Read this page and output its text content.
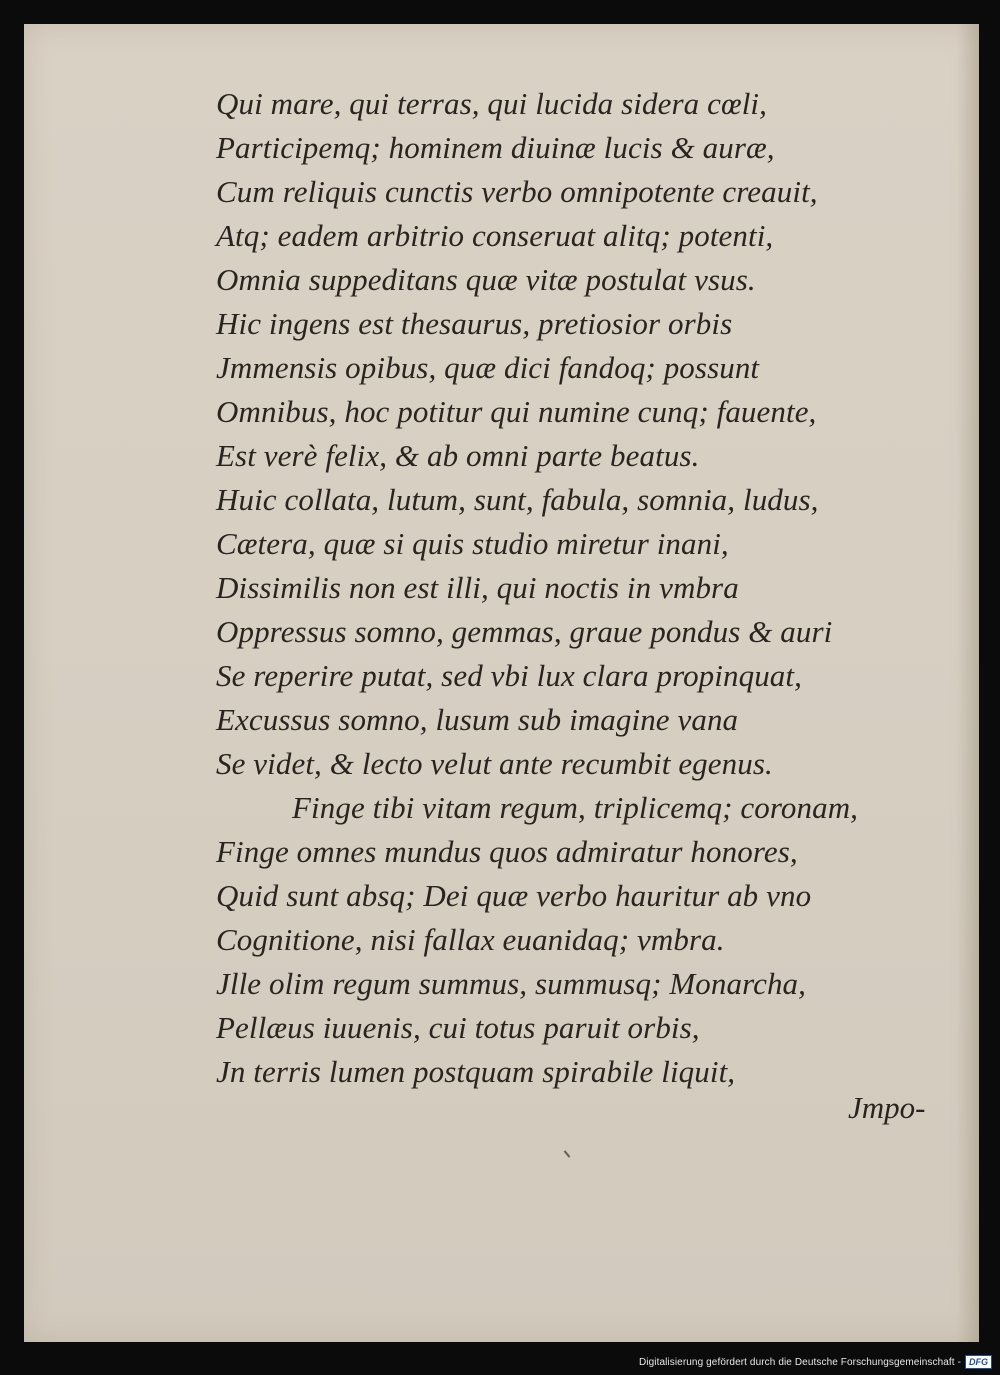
Qui mare, qui terras, qui lucida sidera cœli,
Participemq; hominem diuinæ lucis & auræ,
Cum reliquis cunctis verbo omnipotente creauit,
Atq; eadem arbitrio conseruat alitq; potenti,
Omnia suppeditans quæ vitæ postulat vsus.
Hic ingens est thesaurus, pretiosior orbis
Jmmensis opibus, quæ dici fandoq; possunt
Omnibus, hoc potitur qui numine cunq; fauente,
Est verè felix, & ab omni parte beatus.
Huic collata, lutum, sunt, fabula, somnia, ludus,
Cætera, quæ si quis studio miretur inani,
Dissimilis non est illi, qui noctis in vmbra
Oppressus somno, gemmas, graue pondus & auri
Se reperire putat, sed vbi lux clara propinquat,
Excussus somno, lusum sub imagine vana
Se videt, & lecto velut ante recumbit egenus.
Finge tibi vitam regum, triplicemq; coronam,
Finge omnes mundus quos admiratur honores,
Quid sunt absq; Dei quæ verbo hauritur ab vno
Cognitione, nisi fallax euanidaq; vmbra.
Jlle olim regum summus, summusq; Monarcha,
Pellæus iuuenis, cui totus paruit orbis,
Jn terris lumen postquam spirabile liquit,
Jmpo-
Digitalisierung gefördert durch die Deutsche Forschungsgemeinschaft - DFG
